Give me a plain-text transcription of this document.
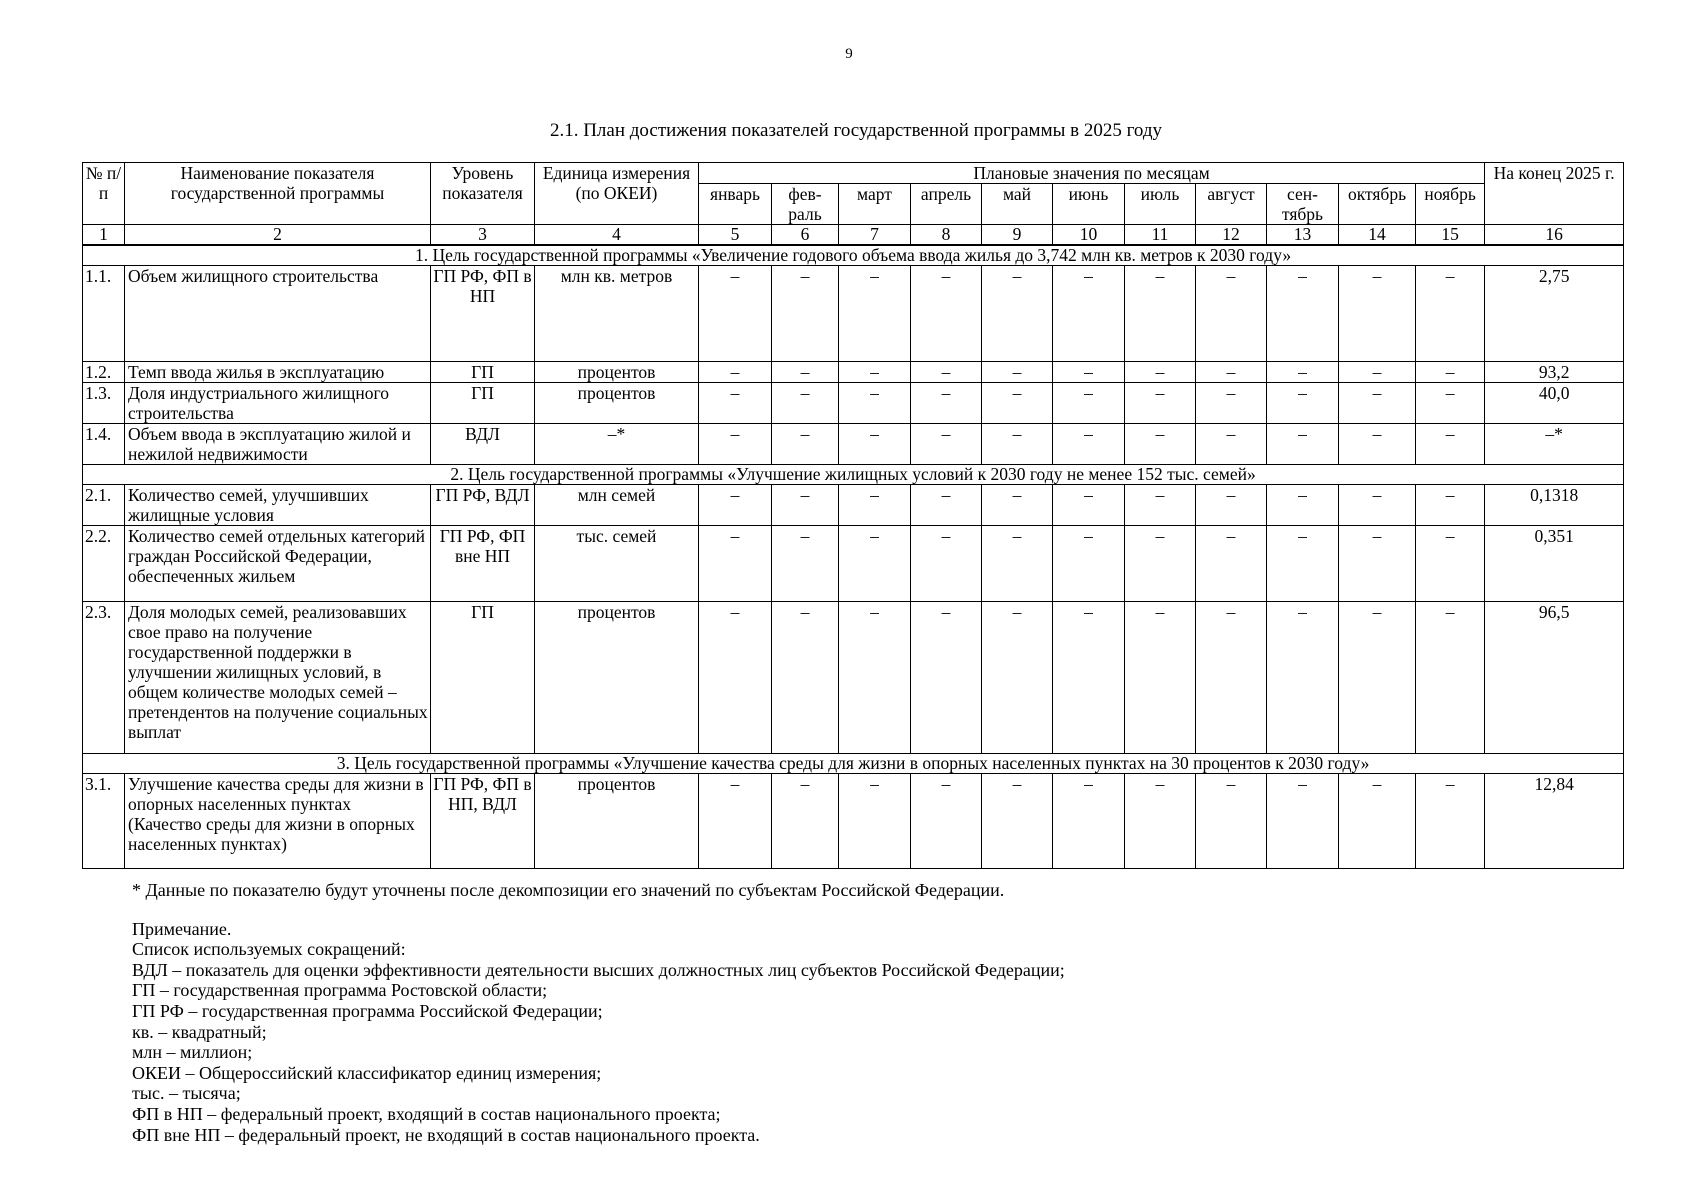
9
2.1. План достижения показателей государственной программы в 2025 году
№ п/п	Наименование показателя государственной программы	Уровень показателя	Единица измерения (по ОКЕИ)	Плановые значения по месяцам											На конец 2025 г.
				январь	фев-раль	март	апрель	май	июнь	июль	август	сен-тябрь	октябрь	ноябрь	
1	2	3	4	5	6	7	8	9	10	11	12	13	14	15	16
1. Цель государственной программы «Увеличение годового объема ввода жилья до 3,742 млн кв. метров к 2030 году»															
1.1.	Объем жилищного строительства	ГП РФ, ФП в НП	млн кв. метров	–	–	–	–	–	–	–	–	–	–	–	2,75
1.2.	Темп ввода жилья в эксплуатацию	ГП	процентов	–	–	–	–	–	–	–	–	–	–	–	93,2
1.3.	Доля индустриального жилищного строительства	ГП	процентов	–	–	–	–	–	–	–	–	–	–	–	40,0
1.4.	Объем ввода в эксплуатацию жилой и нежилой недвижимости	ВДЛ	–*	–	–	–	–	–	–	–	–	–	–	–	–*
2. Цель государственной программы «Улучшение жилищных условий к 2030 году не менее 152 тыс. семей»															
2.1.	Количество семей, улучшивших жилищные условия	ГП РФ, ВДЛ	млн семей	–	–	–	–	–	–	–	–	–	–	–	0,1318
2.2.	Количество семей отдельных категорий граждан Российской Федерации, обеспеченных жильем	ГП РФ, ФП вне НП	тыс. семей	–	–	–	–	–	–	–	–	–	–	–	0,351
2.3.	Доля молодых семей, реализовавших свое право на получение государственной поддержки в улучшении жилищных условий, в общем количестве молодых семей – претендентов на получение социальных выплат	ГП	процентов	–	–	–	–	–	–	–	–	–	–	–	96,5
3. Цель государственной программы «Улучшение качества среды для жизни в опорных населенных пунктах на 30 процентов к 2030 году»															
3.1.	Улучшение качества среды для жизни в опорных населенных пунктах (Качество среды для жизни в опорных населенных пунктах)	ГП РФ, ФП в НП, ВДЛ	процентов	–	–	–	–	–	–	–	–	–	–	–	12,84

* Данные по показателю будут уточнены после декомпозиции его значений по субъектам Российской Федерации.

Примечание.

Список используемых сокращений:

ВДЛ – показатель для оценки эффективности деятельности высших должностных лиц субъектов Российской Федерации;

ГП – государственная программа Ростовской области;

ГП РФ – государственная программа Российской Федерации;

кв. – квадратный;

млн – миллион;

ОКЕИ – Общероссийский классификатор единиц измерения;

тыс. – тысяча;

ФП в НП – федеральный проект, входящий в состав национального проекта;

ФП вне НП – федеральный проект, не входящий в состав национального проекта.
